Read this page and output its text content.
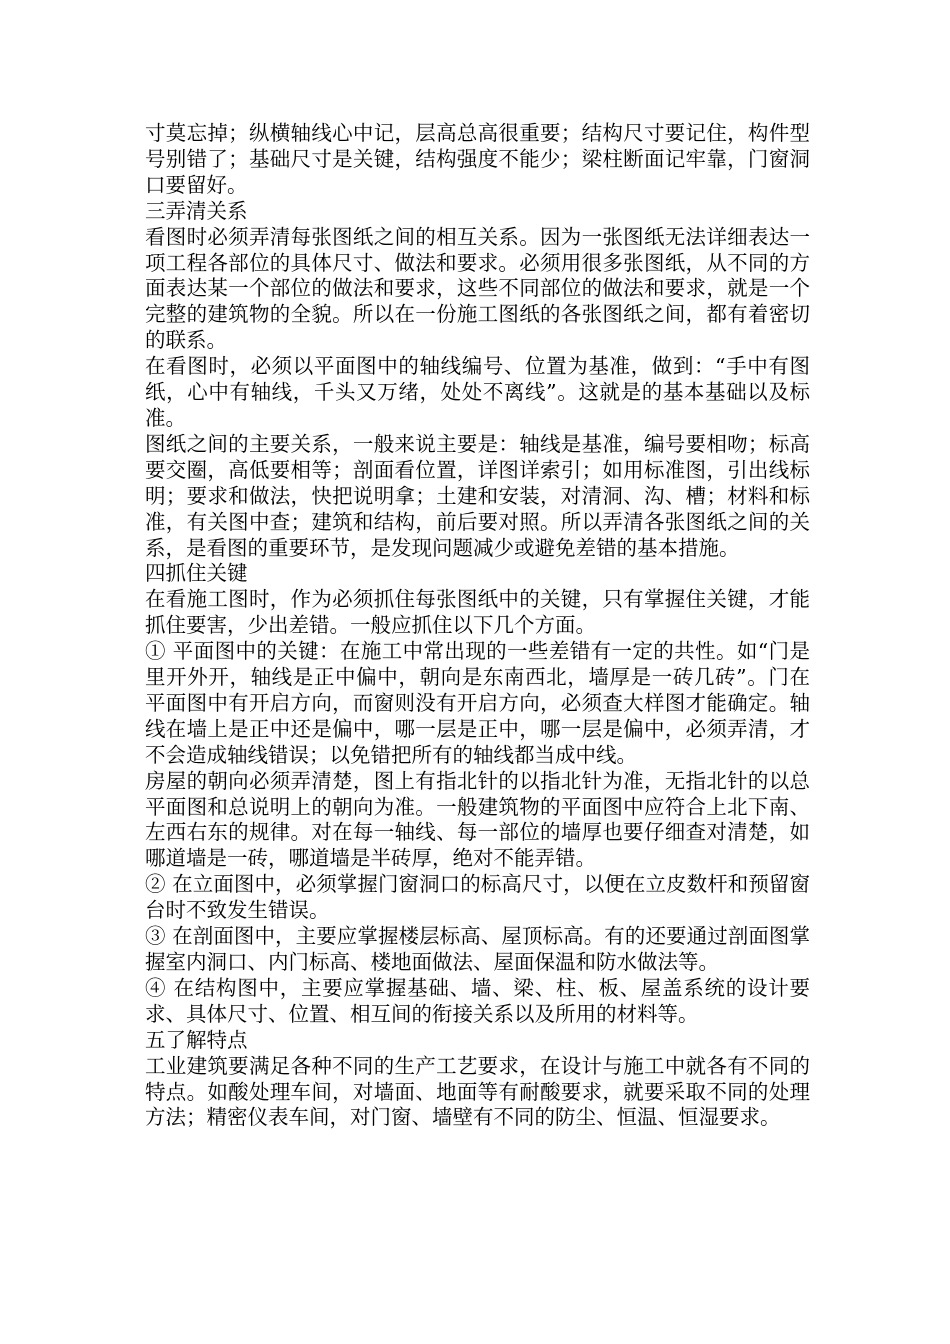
寸莫忘掉；纵横轴线心中记，层高总高很重要；结构尺寸要记住，构件型号别错了；基础尺寸是关键，结构强度不能少；梁柱断面记牢靠，门窗洞口要留好。

三弄清关系

看图时必须弄清每张图纸之间的相互关系。因为一张图纸无法详细表达一项工程各部位的具体尺寸、做法和要求。必须用很多张图纸，从不同的方面表达某一个部位的做法和要求，这些不同部位的做法和要求，就是一个完整的建筑物的全貌。所以在一份施工图纸的各张图纸之间，都有着密切的联系。

在看图时，必须以平面图中的轴线编号、位置为基准，做到：“手中有图纸，心中有轴线，千头又万绪，处处不离线”。这就是的基本基础以及标准。

图纸之间的主要关系，一般来说主要是：轴线是基准，编号要相吻；标高要交圈，高低要相等；剖面看位置，详图详索引；如用标准图，引出线标明；要求和做法，快把说明拿；土建和安装，对清洞、沟、槽；材料和标准，有关图中查；建筑和结构，前后要对照。所以弄清各张图纸之间的关系，是看图的重要环节，是发现问题减少或避免差错的基本措施。

四抓住关键

在看施工图时，作为必须抓住每张图纸中的关键，只有掌握住关键，才能抓住要害，少出差错。一般应抓住以下几个方面。

① 平面图中的关键：在施工中常出现的一些差错有一定的共性。如“门是里开外开，轴线是正中偏中，朝向是东南西北，墙厚是一砖几砖”。门在平面图中有开启方向，而窗则没有开启方向，必须查大样图才能确定。轴线在墙上是正中还是偏中，哪一层是正中，哪一层是偏中，必须弄清，才不会造成轴线错误；以免错把所有的轴线都当成中线。

房屋的朝向必须弄清楚，图上有指北针的以指北针为准，无指北针的以总平面图和总说明上的朝向为准。一般建筑物的平面图中应符合上北下南、左西右东的规律。对在每一轴线、每一部位的墙厚也要仔细查对清楚，如哪道墙是一砖，哪道墙是半砖厚，绝对不能弄错。

② 在立面图中，必须掌握门窗洞口的标高尺寸，以便在立皮数杆和预留窗台时不致发生错误。

③ 在剖面图中，主要应掌握楼层标高、屋顶标高。有的还要通过剖面图掌握室内洞口、内门标高、楼地面做法、屋面保温和防水做法等。

④ 在结构图中，主要应掌握基础、墙、梁、柱、板、屋盖系统的设计要求、具体尺寸、位置、相互间的衔接关系以及所用的材料等。

五了解特点

工业建筑要满足各种不同的生产工艺要求，在设计与施工中就各有不同的特点。如酸处理车间，对墙面、地面等有耐酸要求，就要采取不同的处理方法；精密仪表车间，对门窗、墙壁有不同的防尘、恒温、恒湿要求。
